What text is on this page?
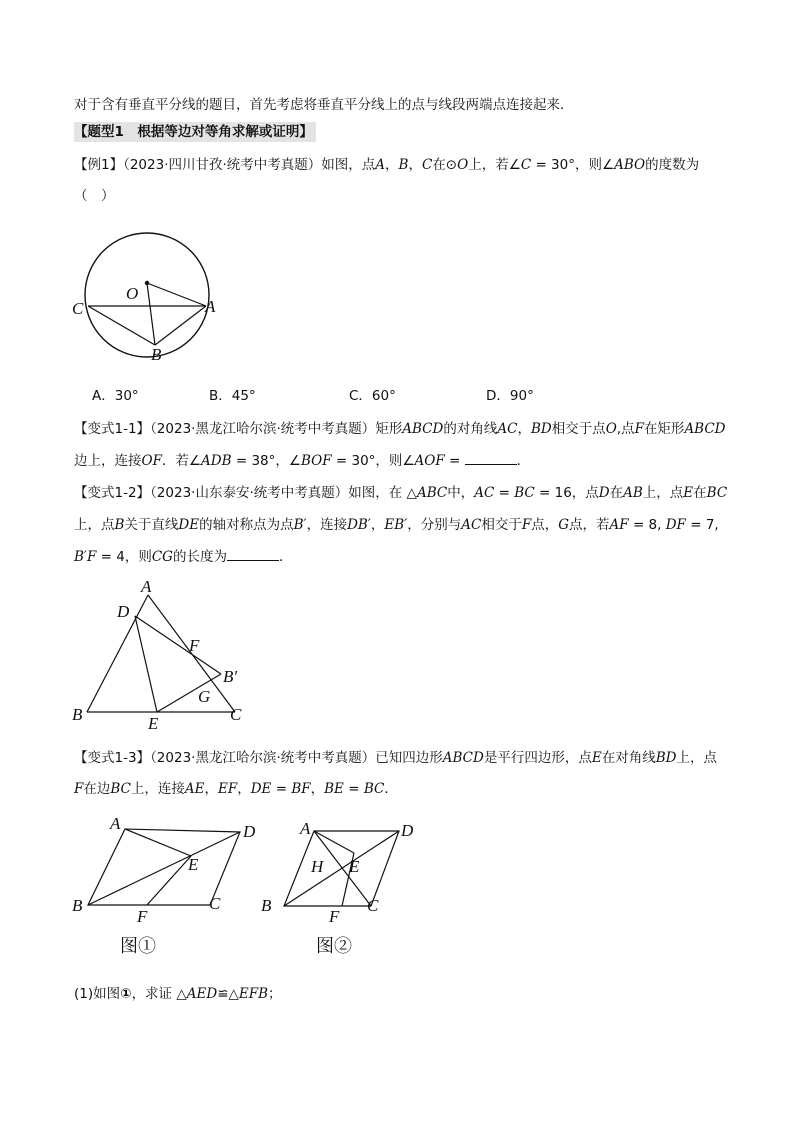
对于含有垂直平分线的题目，首先考虑将垂直平分线上的点与线段两端点连接起来．
【题型1　根据等边对等角求解或证明】
【例1】（2023·四川甘孜·统考中考真题）如图，点A，B，C在⊙O上，若∠C = 30°，则∠ABO的度数为
（　）
O
C	A
B
A．30°	B．45°	C．60°	D．90°
【变式1-1】（2023·黑龙江哈尔滨·统考中考真题）矩形ABCD的对角线AC，BD相交于点O,点F在矩形ABCD
边上，连接OF．若∠ADB = 38°，∠BOF = 30°，则∠AOF =	．
【变式1-2】（2023·山东泰安·统考中考真题）如图，在 △ABC中，AC = BC = 16，点D在AB上，点E在BC
上，点B关于直线DE的轴对称点为点B′，连接DB′，EB′，分别与AC相交于F点，G点，若AF = 8, DF = 7,
B′F = 4，则CG的长度为	．
A
D
F
B′
G
B	E	C
【变式1-3】（2023·黑龙江哈尔滨·统考中考真题）已知四边形ABCD是平行四边形，点E在对角线BD上，点
F在边BC上，连接AE，EF，DE = BF，BE = BC．
A	D
E
B
F
C
图①
A	D
H E
B
F
C
图②
(1)如图①，求证 △AED≌△EFB；
